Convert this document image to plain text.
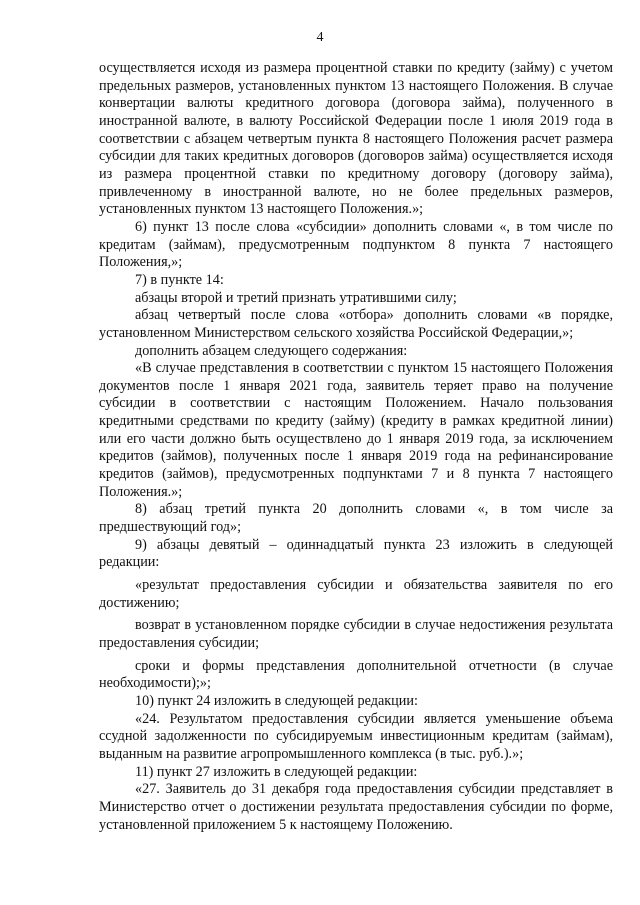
4

осуществляется исходя из размера процентной ставки по кредиту (займу) с учетом предельных размеров, установленных пунктом 13 настоящего Положения. В случае конвертации валюты кредитного договора (договора займа), полученного в иностранной валюте, в валюту Российской Федерации после 1 июля 2019 года в соответствии с абзацем четвертым пункта 8 настоящего Положения расчет размера субсидии для таких кредитных договоров (договоров займа) осуществляется исходя из размера процентной ставки по кредитному договору (договору займа), привлеченному в иностранной валюте, но не более предельных размеров, установленных пунктом 13 настоящего Положения.»;

6) пункт 13 после слова «субсидии» дополнить словами «, в том числе по кредитам (займам), предусмотренным подпунктом 8 пункта 7 настоящего Положения,»;

7) в пункте 14:

абзацы второй и третий признать утратившими силу;

абзац четвертый после слова «отбора» дополнить словами «в порядке, установленном Министерством сельского хозяйства Российской Федерации,»;

дополнить абзацем следующего содержания:

«В случае представления в соответствии с пунктом 15 настоящего Положения документов после 1 января 2021 года, заявитель теряет право на получение субсидии в соответствии с настоящим Положением. Начало пользования кредитными средствами по кредиту (займу) (кредиту в рамках кредитной линии) или его части должно быть осуществлено до 1 января 2019 года, за исключением кредитов (займов), полученных после 1 января 2019 года на рефинансирование кредитов (займов), предусмотренных подпунктами 7 и 8 пункта 7 настоящего Положения.»;

8) абзац третий пункта 20 дополнить словами «, в том числе за предшествующий год»;

9) абзацы девятый – одиннадцатый пункта 23 изложить в следующей редакции:

«результат предоставления субсидии и обязательства заявителя по его достижению;

возврат в установленном порядке субсидии в случае недостижения результата предоставления субсидии;

сроки и формы представления дополнительной отчетности (в случае необходимости);»;

10) пункт 24 изложить в следующей редакции:

«24. Результатом предоставления субсидии является уменьшение объема ссудной задолженности по субсидируемым инвестиционным кредитам (займам), выданным на развитие агропромышленного комплекса (в тыс. руб.).»;

11) пункт 27 изложить в следующей редакции:

«27. Заявитель до 31 декабря года предоставления субсидии представляет в Министерство отчет о достижении результата предоставления субсидии по форме, установленной приложением 5 к настоящему Положению.
